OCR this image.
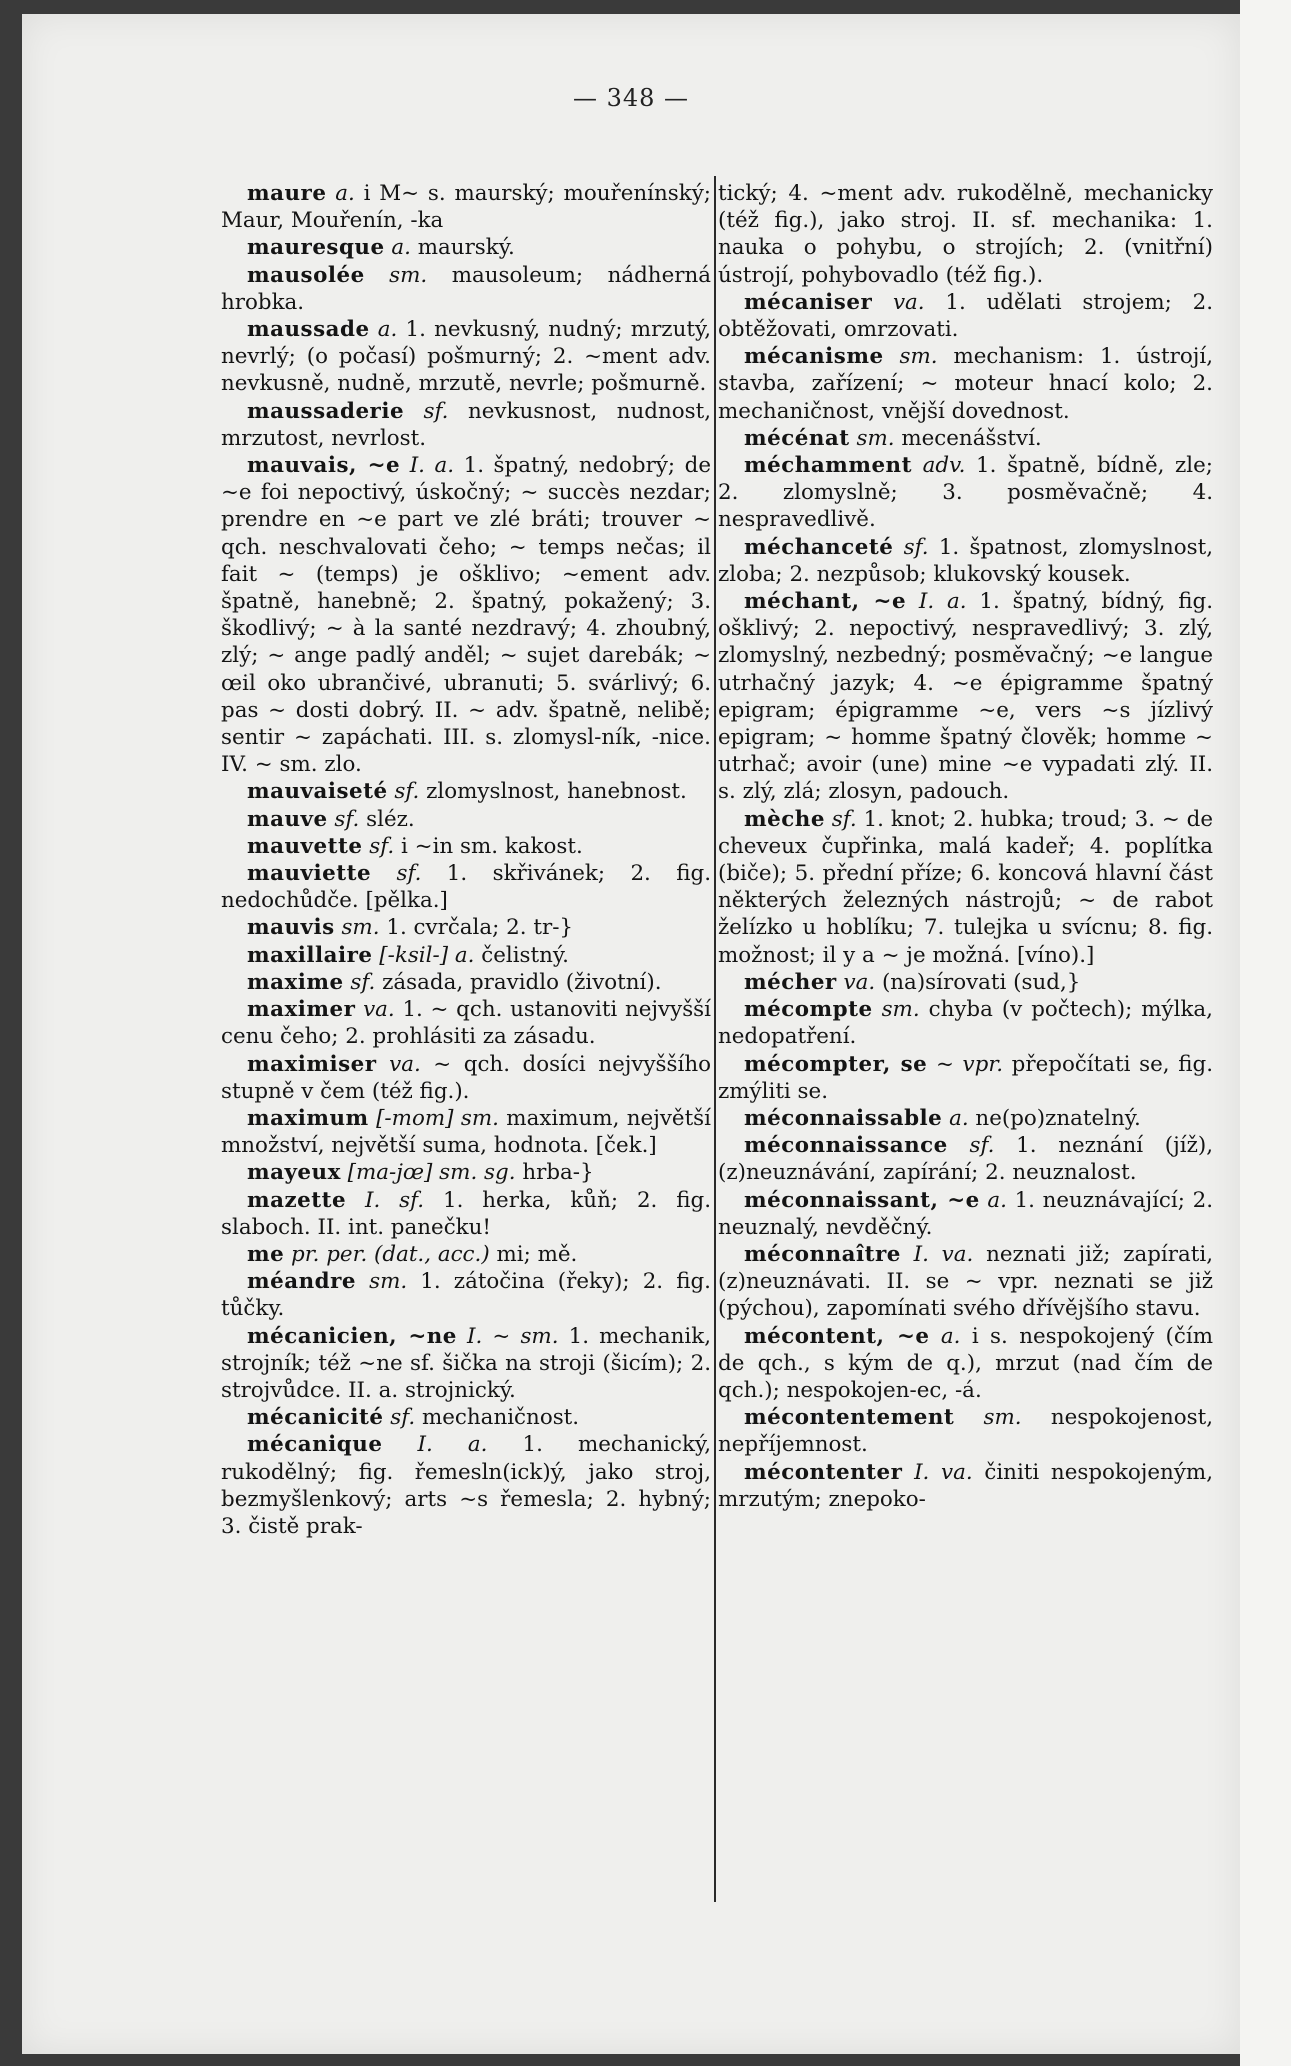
— 348 —

maure a. i M~ s. maurský; mouřenínský; Maur, Mouřenín, -ka

mauresque a. maurský.

mausolée sm. mausoleum; nádherná hrobka.

maussade a. 1. nevkusný, nudný; mrzutý, nevrlý; (o počasí) pošmurný; 2. ~ment adv. nevkusně, nudně, mrzutě, nevrle; pošmurně.

maussaderie sf. nevkusnost, nudnost, mrzutost, nevrlost.

mauvais, ~e I. a. 1. špatný, nedobrý; de ~e foi nepoctivý, úskočný; ~ succès nezdar; prendre en ~e part ve zlé bráti; trouver ~ qch. neschvalovati čeho; ~ temps nečas; il fait ~ (temps) je ošklivo; ~ement adv. špatně, hanebně; 2. špatný, pokažený; 3. škodlivý; ~ à la santé nezdravý; 4. zhoubný, zlý; ~ ange padlý anděl; ~ sujet darebák; ~ œil oko ubrančivé, ubranuti; 5. svárlivý; 6. pas ~ dosti dobrý. II. ~ adv. špatně, nelibě; sentir ~ zapáchati. III. s. zlomysl-ník, -nice. IV. ~ sm. zlo.

mauvaiseté sf. zlomyslnost, hanebnost.

mauve sf. sléz.

mauvette sf. i ~in sm. kakost.

mauviette sf. 1. skřivánek; 2. fig. nedochůdče. [pělka.]

mauvis sm. 1. cvrčala; 2. tr-}

maxillaire [-ksil-] a. čelistný.

maxime sf. zásada, pravidlo (životní).

maximer va. 1. ~ qch. ustanoviti nejvyšší cenu čeho; 2. prohlásiti za zásadu.

maximiser va. ~ qch. dosíci nejvyššího stupně v čem (též fig.).

maximum [-mom] sm. maximum, největší množství, největší suma, hodnota. [ček.]

mayeux [ma-jœ] sm. sg. hrba-}

mazette I. sf. 1. herka, kůň; 2. fig. slaboch. II. int. panečku!

me pr. per. (dat., acc.) mi; mě.

méandre sm. 1. zátočina (řeky); 2. fig. tůčky.

mécanicien, ~ne I. ~ sm. 1. mechanik, strojník; též ~ne sf. šička na stroji (šicím); 2. strojvůdce. II. a. strojnický.

mécanicité sf. mechaničnost.

mécanique I. a. 1. mechanický, rukodělný; fig. řemesln(ick)ý, jako stroj, bezmyšlenkový; arts ~s řemesla; 2. hybný; 3. čistě prak-

tický; 4. ~ment adv. rukodělně, mechanicky (též fig.), jako stroj. II. sf. mechanika: 1. nauka o pohybu, o strojích; 2. (vnitřní) ústrojí, pohybovadlo (též fig.).

mécaniser va. 1. udělati strojem; 2. obtěžovati, omrzovati.

mécanisme sm. mechanism: 1. ústrojí, stavba, zařízení; ~ moteur hnací kolo; 2. mechaničnost, vnější dovednost.

mécénat sm. mecenášství.

méchamment adv. 1. špatně, bídně, zle; 2. zlomyslně; 3. posměvačně; 4. nespravedlivě.

méchanceté sf. 1. špatnost, zlomyslnost, zloba; 2. nezpůsob; klukovský kousek.

méchant, ~e I. a. 1. špatný, bídný, fig. ošklivý; 2. nepoctivý, nespravedlivý; 3. zlý, zlomyslný, nezbedný; posměvačný; ~e langue utrhačný jazyk; 4. ~e épigramme špatný epigram; épigramme ~e, vers ~s jízlivý epigram; ~ homme špatný člověk; homme ~ utrhač; avoir (une) mine ~e vypadati zlý. II. s. zlý, zlá; zlosyn, padouch.

mèche sf. 1. knot; 2. hubka; troud; 3. ~ de cheveux čupřinka, malá kadeř; 4. poplítka (biče); 5. přední příze; 6. koncová hlavní část některých železných nástrojů; ~ de rabot želízko u hoblíku; 7. tulejka u svícnu; 8. fig. možnost; il y a ~ je možná. [víno).]

mécher va. (na)sírovati (sud,}

mécompte sm. chyba (v počtech); mýlka, nedopatření.

mécompter, se ~ vpr. přepočítati se, fig. zmýliti se.

méconnaissable a. ne(po)znatelný.

méconnaissance sf. 1. neznání (jíž), (z)neuznávání, zapírání; 2. neuznalost.

méconnaissant, ~e a. 1. neuznávající; 2. neuznalý, nevděčný.

méconnaître I. va. neznati již; zapírati, (z)neuznávati. II. se ~ vpr. neznati se již (pýchou), zapomínati svého dřívějšího stavu.

mécontent, ~e a. i s. nespokojený (čím de qch., s kým de q.), mrzut (nad čím de qch.); nespokojen-ec, -á.

mécontentement sm. nespokojenost, nepříjemnost.

mécontenter I. va. činiti nespokojeným, mrzutým; znepoko-
